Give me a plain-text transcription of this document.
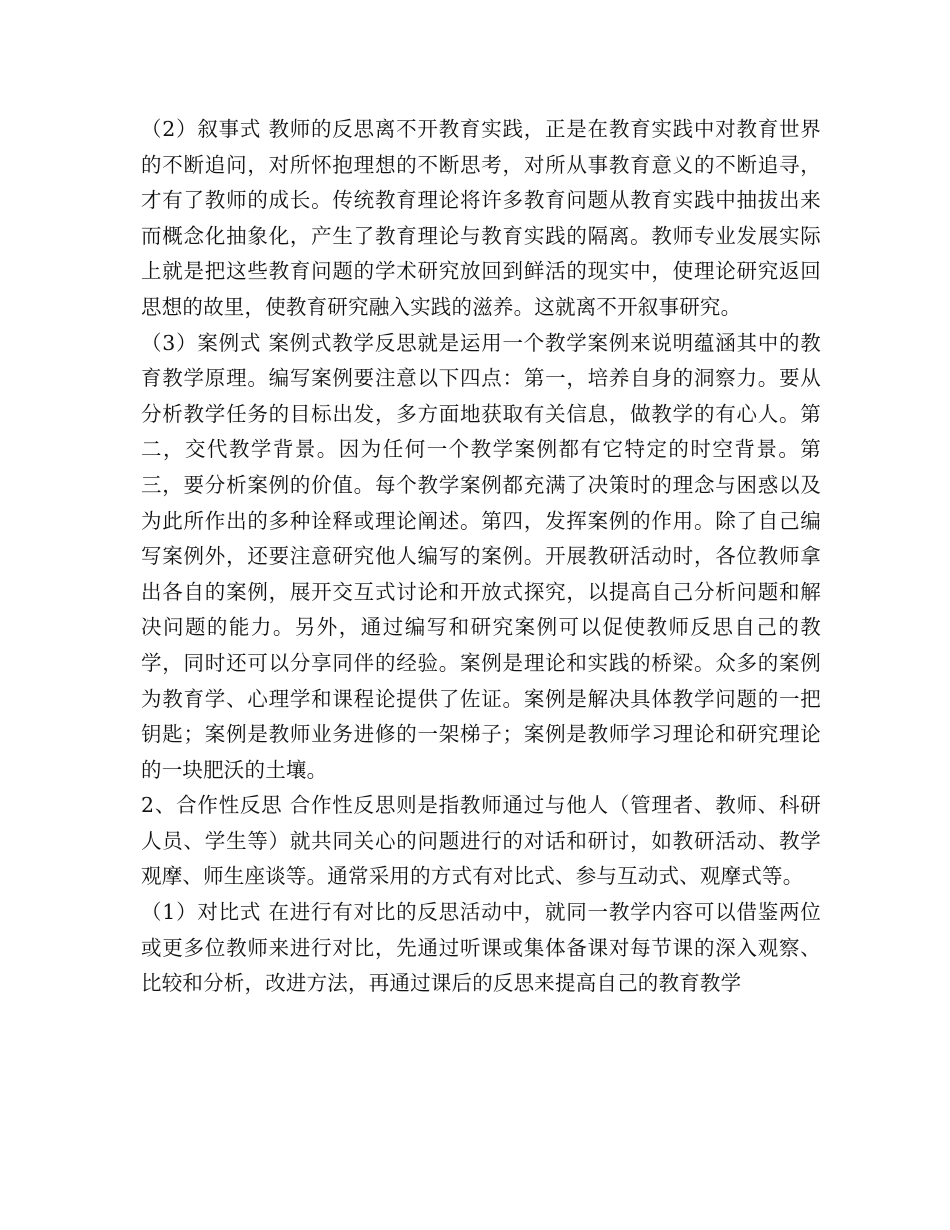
（2）叙事式 教师的反思离不开教育实践，正是在教育实践中对教育世界的不断追问，对所怀抱理想的不断思考，对所从事教育意义的不断追寻，才有了教师的成长。传统教育理论将许多教育问题从教育实践中抽拔出来而概念化抽象化，产生了教育理论与教育实践的隔离。教师专业发展实际上就是把这些教育问题的学术研究放回到鲜活的现实中，使理论研究返回思想的故里，使教育研究融入实践的滋养。这就离不开叙事研究。

（3）案例式 案例式教学反思就是运用一个教学案例来说明蕴涵其中的教育教学原理。编写案例要注意以下四点：第一，培养自身的洞察力。要从分析教学任务的目标出发，多方面地获取有关信息，做教学的有心人。第二，交代教学背景。因为任何一个教学案例都有它特定的时空背景。第三，要分析案例的价值。每个教学案例都充满了决策时的理念与困惑以及为此所作出的多种诠释或理论阐述。第四，发挥案例的作用。除了自己编写案例外，还要注意研究他人编写的案例。开展教研活动时，各位教师拿出各自的案例，展开交互式讨论和开放式探究，以提高自己分析问题和解决问题的能力。另外，通过编写和研究案例可以促使教师反思自己的教学，同时还可以分享同伴的经验。案例是理论和实践的桥梁。众多的案例为教育学、心理学和课程论提供了佐证。案例是解决具体教学问题的一把钥匙；案例是教师业务进修的一架梯子；案例是教师学习理论和研究理论的一块肥沃的土壤。

2、合作性反思 合作性反思则是指教师通过与他人（管理者、教师、科研人员、学生等）就共同关心的问题进行的对话和研讨，如教研活动、教学观摩、师生座谈等。通常采用的方式有对比式、参与互动式、观摩式等。

（1）对比式 在进行有对比的反思活动中，就同一教学内容可以借鉴两位或更多位教师来进行对比，先通过听课或集体备课对每节课的深入观察、比较和分析，改进方法，再通过课后的反思来提高自己的教育教学
